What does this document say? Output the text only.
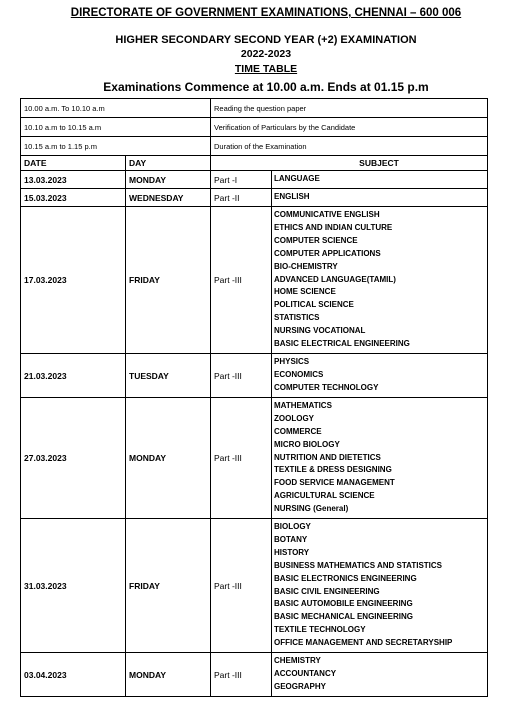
DIRECTORATE OF GOVERNMENT EXAMINATIONS, CHENNAI – 600 006
HIGHER SECONDARY SECOND YEAR (+2) EXAMINATION
2022-2023
TIME TABLE
Examinations Commence at 10.00 a.m. Ends at 01.15 p.m
10.00 a.m. To 10.10 a.m	Reading the question paper
10.10 a.m to 10.15 a.m	Verification of Particulars by the Candidate
10.15 a.m to 1.15 p.m	Duration of the Examination
DATE	DAY	SUBJECT
13.03.2023	MONDAY	Part -I	LANGUAGE
15.03.2023	WEDNESDAY	Part -II	ENGLISH
17.03.2023	FRIDAY	Part -III
COMMUNICATIVE ENGLISH
ETHICS AND INDIAN CULTURE
COMPUTER SCIENCE
COMPUTER APPLICATIONS
BIO-CHEMISTRY
ADVANCED LANGUAGE(TAMIL)
HOME SCIENCE
POLITICAL SCIENCE
STATISTICS
NURSING VOCATIONAL
BASIC ELECTRICAL ENGINEERING
21.03.2023	TUESDAY	Part -III
PHYSICS
ECONOMICS
COMPUTER TECHNOLOGY
27.03.2023	MONDAY	Part -III
MATHEMATICS
ZOOLOGY
COMMERCE
MICRO BIOLOGY
NUTRITION AND DIETETICS
TEXTILE & DRESS DESIGNING
FOOD SERVICE MANAGEMENT
AGRICULTURAL SCIENCE
NURSING (General)
31.03.2023	FRIDAY	Part -III
BIOLOGY
BOTANY
HISTORY
BUSINESS MATHEMATICS AND STATISTICS
BASIC ELECTRONICS ENGINEERING
BASIC CIVIL ENGINEERING
BASIC AUTOMOBILE ENGINEERING
BASIC MECHANICAL ENGINEERING
TEXTILE TECHNOLOGY
OFFICE MANAGEMENT AND SECRETARYSHIP
03.04.2023	MONDAY	Part -III
CHEMISTRY
ACCOUNTANCY
GEOGRAPHY
